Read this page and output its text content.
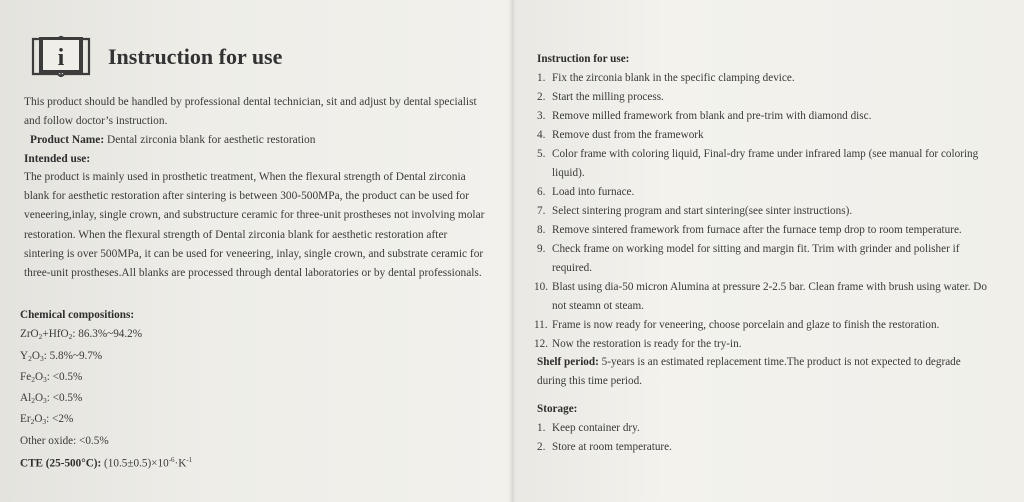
i Instruction for use
This product should be handled by professional dental technician, sit and adjust by dental specialist and follow doctor’s instruction.
Product Name: Dental zirconia blank for aesthetic restoration
Intended use:
The product is mainly used in prosthetic treatment, When the flexural strength of Dental zirconia blank for aesthetic restoration after sintering is between 300-500MPa, the product can be used for veneering,inlay, single crown, and substructure ceramic for three-unit prostheses not involving molar restoration. When the flexural strength of Dental zirconia blank for aesthetic restoration after sintering is over 500MPa, it can be used for veneering, inlay, single crown, and substrate ceramic for three-unit prostheses.All blanks are processed through dental laboratories or by dental professionals.
Chemical compositions:
ZrO$_2$+HfO$_2$: 86.3%~94.2%
$Y_2O_3$: 5.8%~9.7%
$Fe_2O_3$: <0.5%
$Al_2O_3$: <0.5%
$Er_2O_3$: <2%
Other oxide: <0.5%
CTE (25-500°C): $(10.5\pm 0.5)\times 10^{-6}\cdot K^{-1}$
Instruction for use:
1. Fix the zirconia blank in the specific clamping device.
2. Start the milling process.
3. Remove milled framework from blank and pre-trim with diamond disc.
4. Remove dust from the framework
5. Color frame with coloring liquid, Final-dry frame under infrared lamp (see manual for coloring liquid).
6. Load into furnace.
7. Select sintering program and start sintering(see sinter instructions).
8. Remove sintered framework from furnace after the furnace temp drop to room temperature.
9. Check frame on working model for sitting and margin fit. Trim with grinder and polisher if required.
10. Blast using dia-50 micron Alumina at pressure 2-2.5 bar. Clean frame with brush using water. Do not steamn ot steam.
11. Frame is now ready for veneering, choose porcelain and glaze to finish the restoration.
12. Now the restoration is ready for the try-in.
Shelf period: 5-years is an estimated replacement time.The product is not expected to degrade during this time period.
Storage:
1. Keep container dry.
2. Store at room temperature.
